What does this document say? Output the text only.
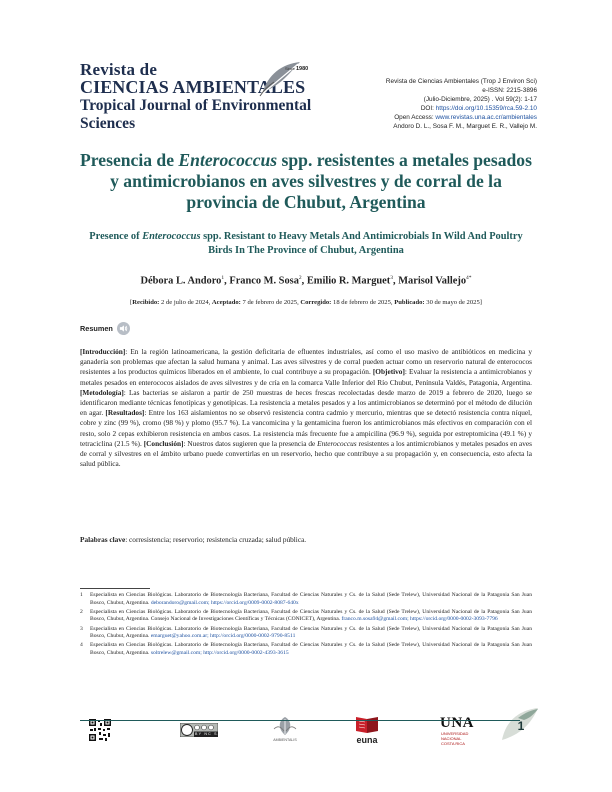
Revista de
CIENCIAS AMBIENTALES
Tropical Journal of Environmental Sciences
Since 1980
Revista de Ciencias Ambientales (Trop J Environ Sci)
e-ISSN: 2215-3896
(Julio-Diciembre, 2025) . Vol 59(2): 1-17
DOI: https://doi.org/10.15359/rca.59-2.10
Open Access: www.revistas.una.ac.cr/ambientales
Andoro D. L., Sosa F. M., Marguet E. R., Vallejo M.
Presencia de Enterococcus spp. resistentes a metales pesados y antimicrobianos en aves silvestres y de corral de la provincia de Chubut, Argentina
Presence of Enterococcus spp. Resistant to Heavy Metals And Antimicrobials In Wild And Poultry Birds In The Province of Chubut, Argentina
Débora L. Andoro$^1$, Franco M. Sosa$^2$, Emilio R. Marguet$^3$, Marisol Vallejo$^{4*}$
[Recibido: 2 de julio de 2024, Aceptado: 7 de febrero de 2025, Corregido: 18 de febrero de 2025, Publicado: 30 de mayo de 2025]
Resumen
[Introducción]: En la región latinoamericana, la gestión deficitaria de efluentes industriales, así como el uso masivo de antibióticos en medicina y ganadería son problemas que afectan la salud humana y animal. Las aves silvestres y de corral pueden actuar como un reservorio natural de enterococos resistentes a los productos químicos liberados en el ambiente, lo cual contribuye a su propagación. [Objetivo]: Evaluar la resistencia a antimicrobianos y metales pesados en enterococos aislados de aves silvestres y de cría en la comarca Valle Inferior del Río Chubut, Península Valdés, Patagonia, Argentina. [Metodología]: Las bacterias se aislaron a partir de 250 muestras de heces frescas recolectadas desde marzo de 2019 a febrero de 2020, luego se identificaron mediante técnicas fenotípicas y genotípicas. La resistencia a metales pesados y a los antimicrobianos se determinó por el método de dilución en agar. [Resultados]: Entre los 163 aislamientos no se observó resistencia contra cadmio y mercurio, mientras que se detectó resistencia contra níquel, cobre y zinc (99 %), cromo (98 %) y plomo (95.7 %). La vancomicina y la gentamicina fueron los antimicrobianos más efectivos en comparación con el resto, solo 2 cepas exhibieron resistencia en ambos casos. La resistencia más frecuente fue a ampicilina (96.9 %), seguida por estreptomicina (49.1 %) y tetraciclina (21.5 %). [Conclusión]: Nuestros datos sugieren que la presencia de Enterococcus resistentes a los antimicrobianos y metales pesados en aves de corral y silvestres en el ámbito urbano puede convertirlas en un reservorio, hecho que contribuye a su propagación y, en consecuencia, esto afecta la salud pública.
Palabras clave: corresistencia; reservorio; resistencia cruzada; salud pública.
1	Especialista en Ciencias Biológicas. Laboratorio de Biotecnología Bacteriana, Facultad de Ciencias Naturales y Cs. de la Salud (Sede Trelew), Universidad Nacional de la Patagonia San Juan Bosco, Chubut, Argentina. deborandoro@gmail.com; https://orcid.org/0009-0002-8087-640x
2	Especialista en Ciencias Biológicas. Laboratorio de Biotecnología Bacteriana, Facultad de Ciencias Naturales y Cs. de la Salud (Sede Trelew), Universidad Nacional de la Patagonia San Juan Bosco, Chubut, Argentina. Consejo Nacional de Investigaciones Científicas y Técnicas (CONICET), Argentina. franco.m.sosa94@gmail.com; https://orcid.org/0000-0002-3093-7796
3	Especialista en Ciencias Biológicas. Laboratorio de Biotecnología Bacteriana, Facultad de Ciencias Naturales y Cs. de la Salud (Sede Trelew), Universidad Nacional de la Patagonia San Juan Bosco, Chubut, Argentina. emarguet@yahoo.com.ar; http://orcid.org/0000-0002-9790-8511
4	Especialista en Ciencias Biológicas. Laboratorio de Biotecnología Bacteriana, Facultad de Ciencias Naturales y Cs. de la Salud (Sede Trelew), Universidad Nacional de la Patagonia San Juan Bosco, Chubut, Argentina. soltrelew@gmail.com; http://orcid.org/0000-0002-4393-3615
BY NC SA
AMBIENTALIS	euna
UNA
UNIVERSIDAD
NACIONAL
COSTA RICA
1
